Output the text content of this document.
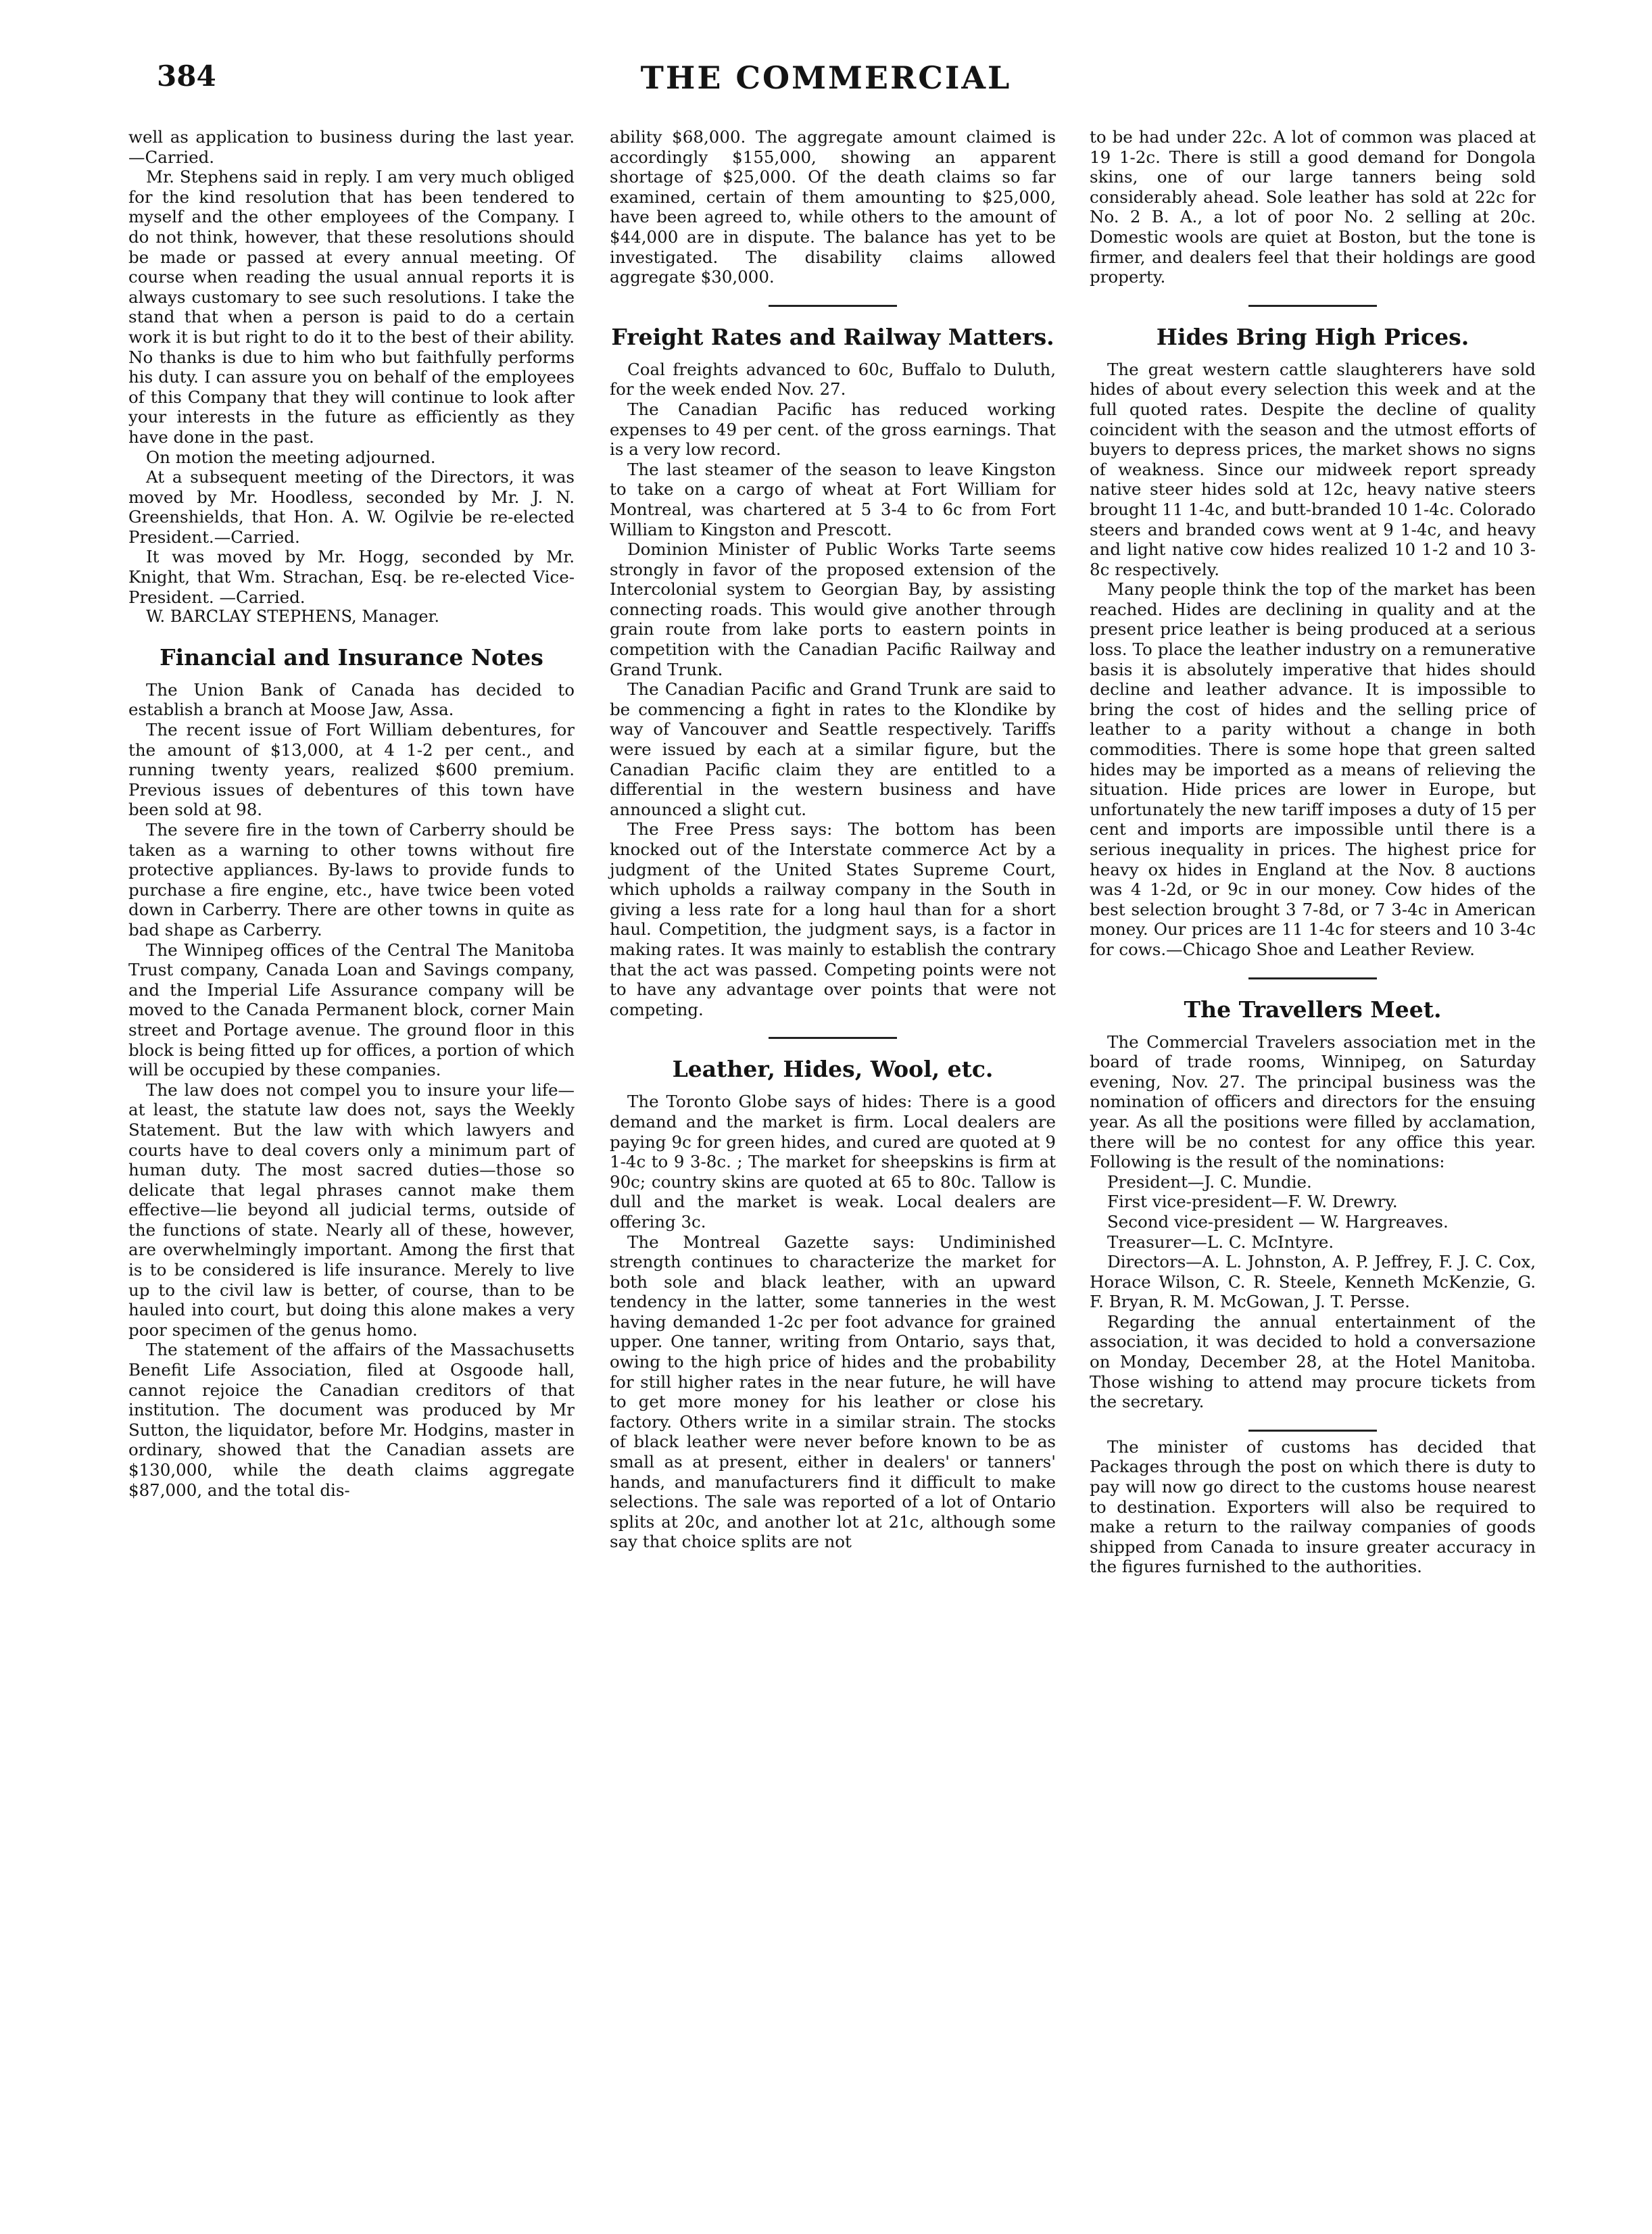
384	THE COMMERCIAL

well as application to business during the last year.—Carried.

Mr. Stephens said in reply. I am very much obliged for the kind resolution that has been tendered to myself and the other employees of the Company. I do not think, however, that these resolutions should be made or passed at every annual meeting. Of course when reading the usual annual reports it is always customary to see such resolutions. I take the stand that when a person is paid to do a certain work it is but right to do it to the best of their ability. No thanks is due to him who but faithfully performs his duty. I can assure you on behalf of the employees of this Company that they will continue to look after your interests in the future as efficiently as they have done in the past.

On motion the meeting adjourned.

At a subsequent meeting of the Directors, it was moved by Mr. Hoodless, seconded by Mr. J. N. Greenshields, that Hon. A. W. Ogilvie be re-elected President.—Carried.

It was moved by Mr. Hogg, seconded by Mr. Knight, that Wm. Strachan, Esq. be re-elected Vice-President. —Carried.

W. BARCLAY STEPHENS, Manager.

Financial and Insurance Notes

The Union Bank of Canada has decided to establish a branch at Moose Jaw, Assa.

The recent issue of Fort William debentures, for the amount of $13,000, at 4 1-2 per cent., and running twenty years, realized $600 premium. Previous issues of debentures of this town have been sold at 98.

The severe fire in the town of Carberry should be taken as a warning to other towns without fire protective appliances. By-laws to provide funds to purchase a fire engine, etc., have twice been voted down in Carberry. There are other towns in quite as bad shape as Carberry.

The Winnipeg offices of the Central The Manitoba Trust company, Canada Loan and Savings company, and the Imperial Life Assurance company will be moved to the Canada Permanent block, corner Main street and Portage avenue. The ground floor in this block is being fitted up for offices, a portion of which will be occupied by these companies.

The law does not compel you to insure your life—at least, the statute law does not, says the Weekly Statement. But the law with which lawyers and courts have to deal covers only a minimum part of human duty. The most sacred duties—those so delicate that legal phrases cannot make them effective—lie beyond all judicial terms, outside of the functions of state. Nearly all of these, however, are overwhelmingly important. Among the first that is to be considered is life insurance. Merely to live up to the civil law is better, of course, than to be hauled into court, but doing this alone makes a very poor specimen of the genus homo.

The statement of the affairs of the Massachusetts Benefit Life Association, filed at Osgoode hall, cannot rejoice the Canadian creditors of that institution. The document was produced by Mr Sutton, the liquidator, before Mr. Hodgins, master in ordinary, showed that the Canadian assets are $130,000, while the death claims aggregate $87,000, and the total dis-

ability $68,000. The aggregate amount claimed is accordingly $155,000, showing an apparent shortage of $25,000. Of the death claims so far examined, certain of them amounting to $25,000, have been agreed to, while others to the amount of $44,000 are in dispute. The balance has yet to be investigated. The disability claims allowed aggregate $30,000.

Freight Rates and Railway Matters.

Coal freights advanced to 60c, Buffalo to Duluth, for the week ended Nov. 27.

The Canadian Pacific has reduced working expenses to 49 per cent. of the gross earnings. That is a very low record.

The last steamer of the season to leave Kingston to take on a cargo of wheat at Fort William for Montreal, was chartered at 5 3-4 to 6c from Fort William to Kingston and Prescott.

Dominion Minister of Public Works Tarte seems strongly in favor of the proposed extension of the Intercolonial system to Georgian Bay, by assisting connecting roads. This would give another through grain route from lake ports to eastern points in competition with the Canadian Pacific Railway and Grand Trunk.

The Canadian Pacific and Grand Trunk are said to be commencing a fight in rates to the Klondike by way of Vancouver and Seattle respectively. Tariffs were issued by each at a similar figure, but the Canadian Pacific claim they are entitled to a differential in the western business and have announced a slight cut.

The Free Press says: The bottom has been knocked out of the Interstate commerce Act by a judgment of the United States Supreme Court, which upholds a railway company in the South in giving a less rate for a long haul than for a short haul. Competition, the judgment says, is a factor in making rates. It was mainly to establish the contrary that the act was passed. Competing points were not to have any advantage over points that were not competing.

Leather, Hides, Wool, etc.

The Toronto Globe says of hides: There is a good demand and the market is firm. Local dealers are paying 9c for green hides, and cured are quoted at 9 1-4c to 9 3-8c. ; The market for sheepskins is firm at 90c; country skins are quoted at 65 to 80c. Tallow is dull and the market is weak. Local dealers are offering 3c.

The Montreal Gazette says: Undiminished strength continues to characterize the market for both sole and black leather, with an upward tendency in the latter, some tanneries in the west having demanded 1-2c per foot advance for grained upper. One tanner, writing from Ontario, says that, owing to the high price of hides and the probability for still higher rates in the near future, he will have to get more money for his leather or close his factory. Others write in a similar strain. The stocks of black leather were never before known to be as small as at present, either in dealers' or tanners' hands, and manufacturers find it difficult to make selections. The sale was reported of a lot of Ontario splits at 20c, and another lot at 21c, although some say that choice splits are not

to be had under 22c. A lot of common was placed at 19 1-2c. There is still a good demand for Dongola skins, one of our large tanners being sold considerably ahead. Sole leather has sold at 22c for No. 2 B. A., a lot of poor No. 2 selling at 20c. Domestic wools are quiet at Boston, but the tone is firmer, and dealers feel that their holdings are good property.

Hides Bring High Prices.

The great western cattle slaughterers have sold hides of about every selection this week and at the full quoted rates. Despite the decline of quality coincident with the season and the utmost efforts of buyers to depress prices, the market shows no signs of weakness. Since our midweek report spready native steer hides sold at 12c, heavy native steers brought 11 1-4c, and butt-branded 10 1-4c. Colorado steers and branded cows went at 9 1-4c, and heavy and light native cow hides realized 10 1-2 and 10 3-8c respectively.

Many people think the top of the market has been reached. Hides are declining in quality and at the present price leather is being produced at a serious loss. To place the leather industry on a remunerative basis it is absolutely imperative that hides should decline and leather advance. It is impossible to bring the cost of hides and the selling price of leather to a parity without a change in both commodities. There is some hope that green salted hides may be imported as a means of relieving the situation. Hide prices are lower in Europe, but unfortunately the new tariff imposes a duty of 15 per cent and imports are impossible until there is a serious inequality in prices. The highest price for heavy ox hides in England at the Nov. 8 auctions was 4 1-2d, or 9c in our money. Cow hides of the best selection brought 3 7-8d, or 7 3-4c in American money. Our prices are 11 1-4c for steers and 10 3-4c for cows.—Chicago Shoe and Leather Review.

The Travellers Meet.

The Commercial Travelers association met in the board of trade rooms, Winnipeg, on Saturday evening, Nov. 27. The principal business was the nomination of officers and directors for the ensuing year. As all the positions were filled by acclamation, there will be no contest for any office this year. Following is the result of the nominations:

President—J. C. Mundie.

First vice-president—F. W. Drewry.

Second vice-president — W. Hargreaves.

Treasurer—L. C. McIntyre.

Directors—A. L. Johnston, A. P. Jeffrey, F. J. C. Cox, Horace Wilson, C. R. Steele, Kenneth McKenzie, G. F. Bryan, R. M. McGowan, J. T. Persse.

Regarding the annual entertainment of the association, it was decided to hold a conversazione on Monday, December 28, at the Hotel Manitoba. Those wishing to attend may procure tickets from the secretary.

The minister of customs has decided that Packages through the post on which there is duty to pay will now go direct to the customs house nearest to destination. Exporters will also be required to make a return to the railway companies of goods shipped from Canada to insure greater accuracy in the figures furnished to the authorities.
